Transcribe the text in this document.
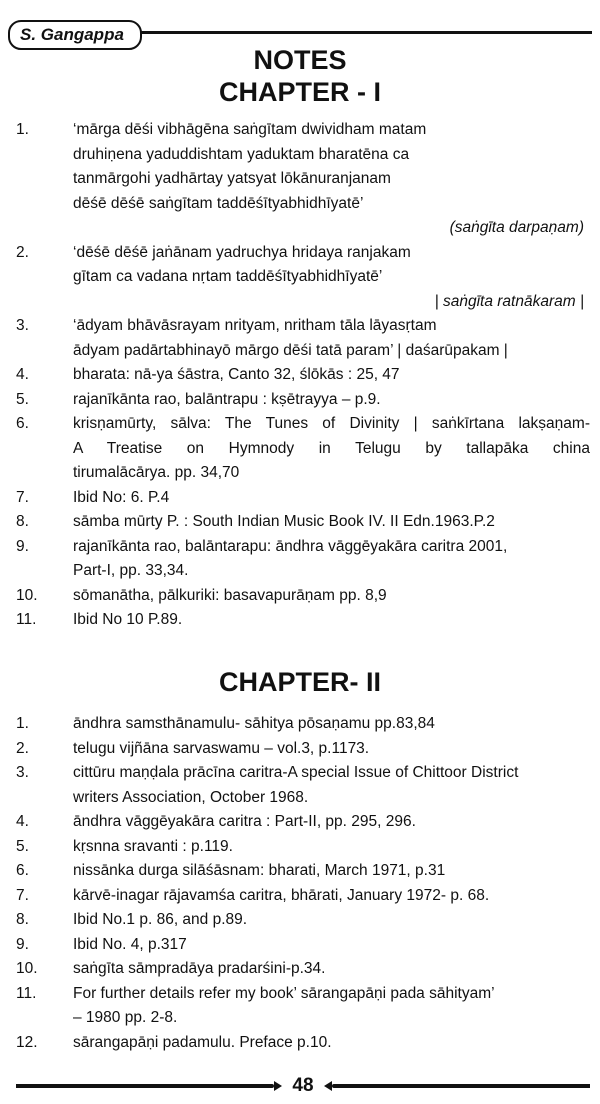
S. Gangappa
NOTES
CHAPTER - I
1.	‘mārga dēśi vibhāgēna saṅgītam dwividham matam
druhiṇena yaduddishtam yaduktam bharatēna ca
tanmārgohi yadhārtay yatsyat lōkānuranjanam
dēśē dēśē saṅgītam taddēśītyabhidhīyatē’
(saṅgīta darpaṇam)
2.	‘dēśē dēśē jaṅānam yadruchya hridaya ranjakam
gītam ca vadana nṛtam taddēśītyabhidhīyatē’
| saṅgīta ratnākaram |
3.	‘ādyam bhāvāsrayam nrityam, nritham tāla lāyasṛtam
ādyam padārtabhinayō mārgo dēśi tatā param’ | daśarūpakam |
4.	bharata: nā-ya śāstra, Canto 32, ślōkās : 25, 47
5.	rajanīkānta rao, balāntrapu : kṣētrayya – p.9.
6.	krisṇamūrty, sālva: The Tunes of Divinity | saṅkīrtana lakṣaṇam-
A Treatise on Hymnody in Telugu by tallapāka china
tirumalācārya. pp. 34,70
7.	Ibid No: 6. P.4
8.	sāmba mūrty P. : South Indian Music Book IV. II Edn.1963.P.2
9.	rajanīkānta rao, balāntarapu: āndhra vāggēyakāra caritra 2001,
Part-I, pp. 33,34.
10.	sōmanātha, pālkuriki: basavapurāṇam pp. 8,9
11.	Ibid No 10 P.89.
CHAPTER- II
1.	āndhra samsthānamulu- sāhitya pōsaṇamu pp.83,84
2.	telugu vijñāna sarvaswamu – vol.3, p.1173.
3.	cittūru maṇḍala prācīna caritra-A special Issue of Chittoor District
writers Association, October 1968.
4.	āndhra vāggēyakāra caritra : Part-II, pp. 295, 296.
5.	kṛsnna sravanti : p.119.
6.	nissānka durga silāśāsnam: bharati, March 1971, p.31
7.	kārvē-inagar rājavamśa caritra, bhārati, January 1972- p. 68.
8.	Ibid No.1 p. 86, and p.89.
9.	Ibid No. 4, p.317
10.	saṅgīta sāmpradāya pradarśini-p.34.
11.	For further details refer my book’ sārangapāṇi pada sāhityam’
– 1980 pp. 2-8.
12.	sārangapāṇi padamulu. Preface p.10.
48
